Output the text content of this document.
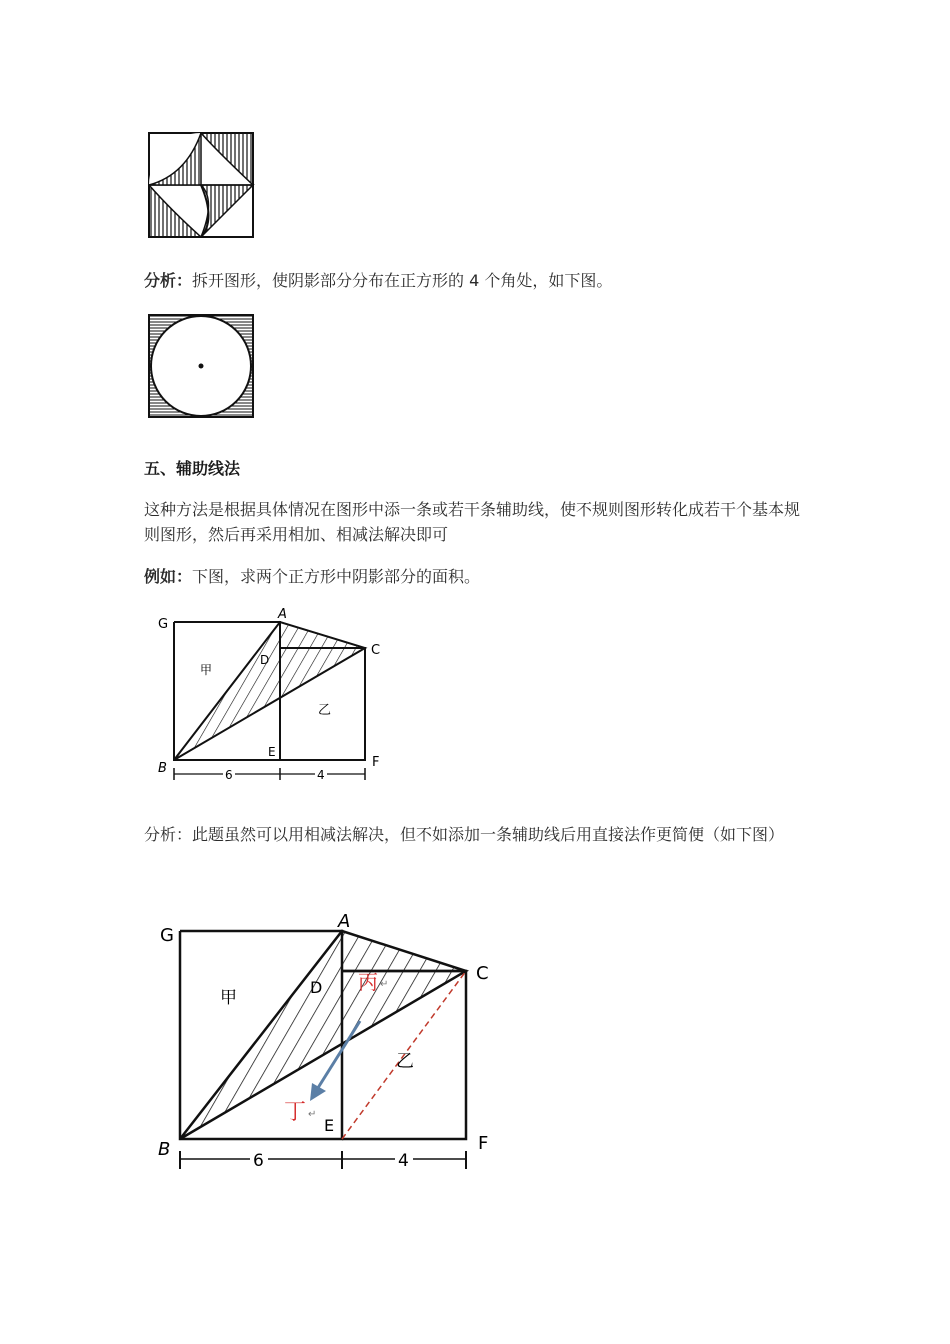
分析：拆开图形，使阴影部分分布在正方形的 4 个角处，如下图。
五、辅助线法
这种方法是根据具体情况在图形中添一条或若干条辅助线，使不规则图形转化成若干个基本规则图形，然后再采用相加、相减法解决即可
例如：下图，求两个正方形中阴影部分的面积。
G
A
C
D
甲
乙
B
E
F
6	4
分析：此题虽然可以用相减法解决，但不如添加一条辅助线后用直接法作更简便（如下图）
G
A
C
D
甲
乙
丙 ↵
丁 ↵
B
E
F
6	4
